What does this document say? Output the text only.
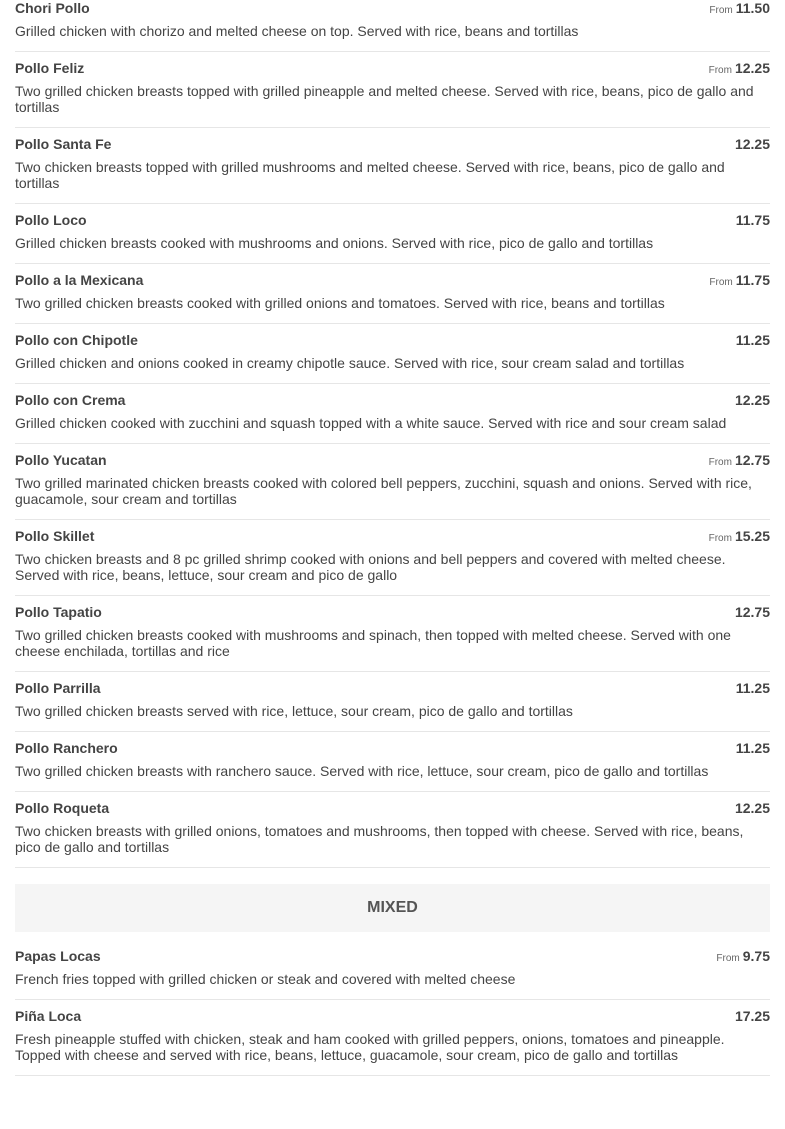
Chori Pollo	From 11.50
Grilled chicken with chorizo and melted cheese on top. Served with rice, beans and tortillas
Pollo Feliz	From 12.25
Two grilled chicken breasts topped with grilled pineapple and melted cheese. Served with rice, beans, pico de gallo and tortillas
Pollo Santa Fe	12.25
Two chicken breasts topped with grilled mushrooms and melted cheese. Served with rice, beans, pico de gallo and tortillas
Pollo Loco	11.75
Grilled chicken breasts cooked with mushrooms and onions. Served with rice, pico de gallo and tortillas
Pollo a la Mexicana	From 11.75
Two grilled chicken breasts cooked with grilled onions and tomatoes. Served with rice, beans and tortillas
Pollo con Chipotle	11.25
Grilled chicken and onions cooked in creamy chipotle sauce. Served with rice, sour cream salad and tortillas
Pollo con Crema	12.25
Grilled chicken cooked with zucchini and squash topped with a white sauce. Served with rice and sour cream salad
Pollo Yucatan	From 12.75
Two grilled marinated chicken breasts cooked with colored bell peppers, zucchini, squash and onions. Served with rice, guacamole, sour cream and tortillas
Pollo Skillet	From 15.25
Two chicken breasts and 8 pc grilled shrimp cooked with onions and bell peppers and covered with melted cheese. Served with rice, beans, lettuce, sour cream and pico de gallo
Pollo Tapatio	12.75
Two grilled chicken breasts cooked with mushrooms and spinach, then topped with melted cheese. Served with one cheese enchilada, tortillas and rice
Pollo Parrilla	11.25
Two grilled chicken breasts served with rice, lettuce, sour cream, pico de gallo and tortillas
Pollo Ranchero	11.25
Two grilled chicken breasts with ranchero sauce. Served with rice, lettuce, sour cream, pico de gallo and tortillas
Pollo Roqueta	12.25
Two chicken breasts with grilled onions, tomatoes and mushrooms, then topped with cheese. Served with rice, beans, pico de gallo and tortillas
MIXED
Papas Locas	From 9.75
French fries topped with grilled chicken or steak and covered with melted cheese
Piña Loca	17.25
Fresh pineapple stuffed with chicken, steak and ham cooked with grilled peppers, onions, tomatoes and pineapple. Topped with cheese and served with rice, beans, lettuce, guacamole, sour cream, pico de gallo and tortillas
